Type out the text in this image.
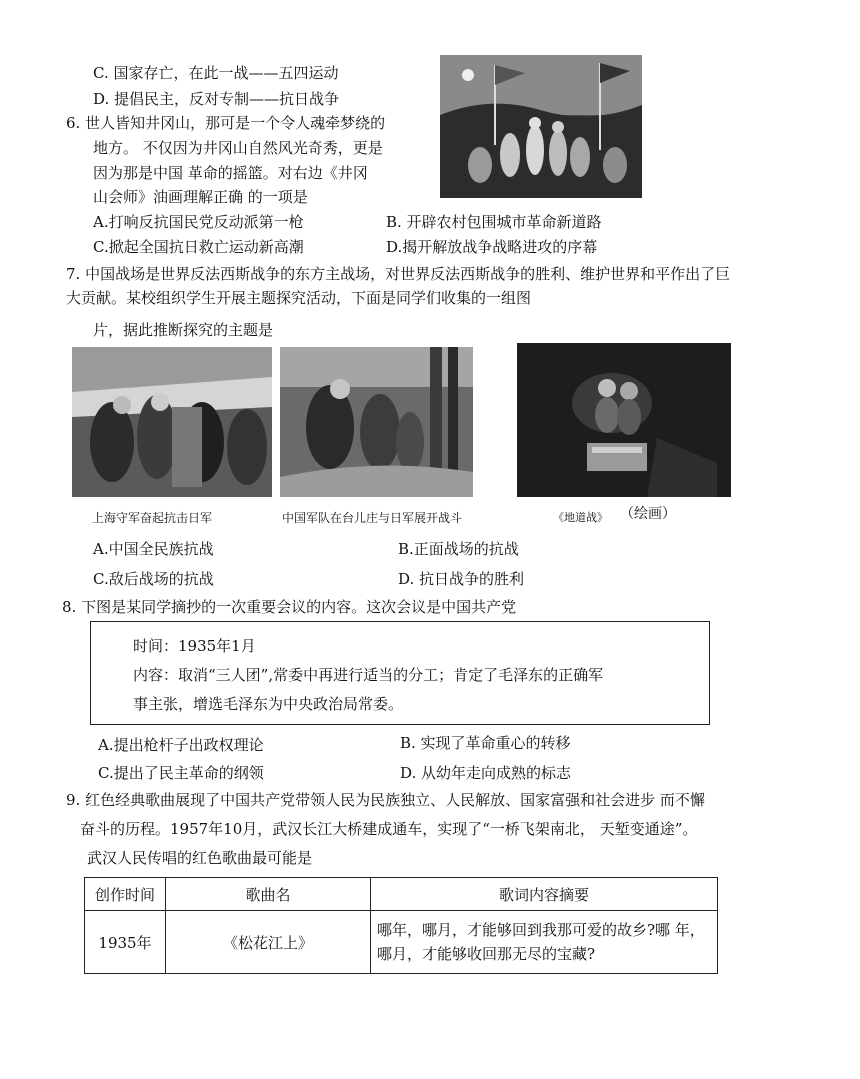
C. 国家存亡，在此一战——五四运动
D. 提倡民主，反对专制——抗日战争
6. 世人皆知井冈山，那可是一个令人魂牵梦绕的
地方。 不仅因为井冈山自然风光奇秀，更是
因为那是中国 革命的摇篮。对右边《井冈
山会师》油画理解正确 的一项是
A.打响反抗国民党反动派第一枪	B. 开辟农村包围城市革命新道路
C.掀起全国抗日救亡运动新高潮	D.揭开解放战争战略进攻的序幕
7. 中国战场是世界反法西斯战争的东方主战场，对世界反法西斯战争的胜利、维护世界和平作出了巨
大贡献。某校组织学生开展主题探究活动，下面是同学们收集的一组图
片，据此推断探究的主题是
上海守军奋起抗击日军	中国军队在台儿庄与日军展开战斗	《地道战》 （绘画）
A.中国全民族抗战	B.正面战场的抗战
C.敌后战场的抗战	D. 抗日战争的胜利
8. 下图是某同学摘抄的一次重要会议的内容。这次会议是中国共产党
时间：1935年1月
内容：取消“三人团”,常委中再进行适当的分工；肯定了毛泽东的正确军
事主张，增选毛泽东为中央政治局常委。
A.提出枪杆子出政权理论	B. 实现了革命重心的转移
C.提出了民主革命的纲领	D. 从幼年走向成熟的标志
9. 红色经典歌曲展现了中国共产党带领人民为民族独立、人民解放、国家富强和社会进步 而不懈
奋斗的历程。1957年10月，武汉长江大桥建成通车，实现了“一桥飞架南北， 天堑变通途”。
武汉人民传唱的红色歌曲最可能是
创作时间	歌曲名	歌词内容摘要
1935年	《松花江上》	哪年，哪月，才能够回到我那可爱的故乡?哪 年，哪月，才能够收回那无尽的宝藏?
